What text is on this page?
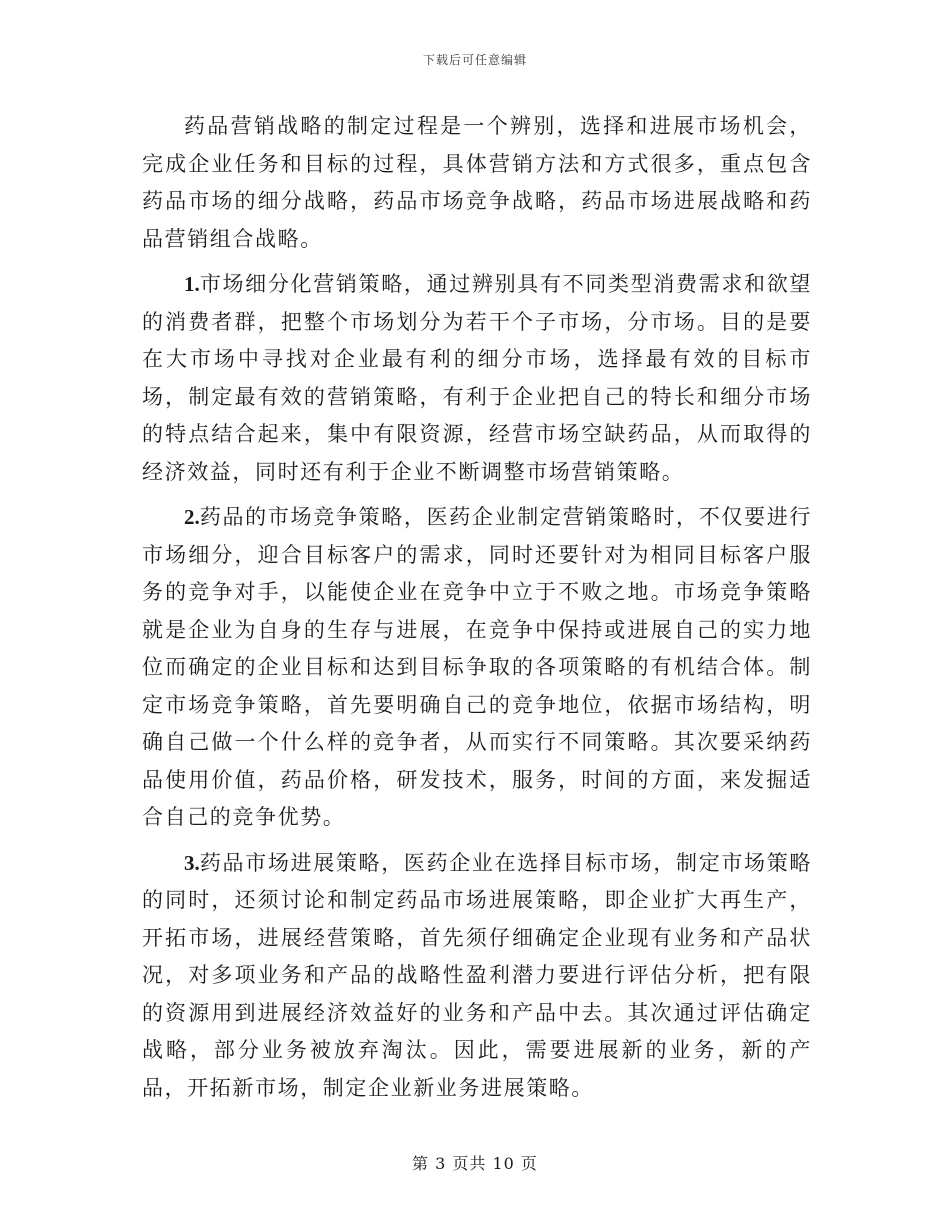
下载后可任意编辑

药品营销战略的制定过程是一个辨别，选择和进展市场机会，完成企业任务和目标的过程，具体营销方法和方式很多，重点包含药品市场的细分战略，药品市场竞争战略，药品市场进展战略和药品营销组合战略。

1.市场细分化营销策略，通过辨别具有不同类型消费需求和欲望的消费者群，把整个市场划分为若干个子市场，分市场。目的是要在大市场中寻找对企业最有利的细分市场，选择最有效的目标市场，制定最有效的营销策略，有利于企业把自己的特长和细分市场的特点结合起来，集中有限资源，经营市场空缺药品，从而取得的经济效益，同时还有利于企业不断调整市场营销策略。

2.药品的市场竞争策略，医药企业制定营销策略时，不仅要进行市场细分，迎合目标客户的需求，同时还要针对为相同目标客户服务的竞争对手，以能使企业在竞争中立于不败之地。市场竞争策略就是企业为自身的生存与进展，在竞争中保持或进展自己的实力地位而确定的企业目标和达到目标争取的各项策略的有机结合体。制定市场竞争策略，首先要明确自己的竞争地位，依据市场结构，明确自己做一个什么样的竞争者，从而实行不同策略。其次要采纳药品使用价值，药品价格，研发技术，服务，时间的方面，来发掘适合自己的竞争优势。

3.药品市场进展策略，医药企业在选择目标市场，制定市场策略的同时，还须讨论和制定药品市场进展策略，即企业扩大再生产，开拓市场，进展经营策略，首先须仔细确定企业现有业务和产品状况，对多项业务和产品的战略性盈利潜力要进行评估分析，把有限的资源用到进展经济效益好的业务和产品中去。其次通过评估确定战略，部分业务被放弃淘汰。因此，需要进展新的业务，新的产品，开拓新市场，制定企业新业务进展策略。

第 3 页共 10 页
